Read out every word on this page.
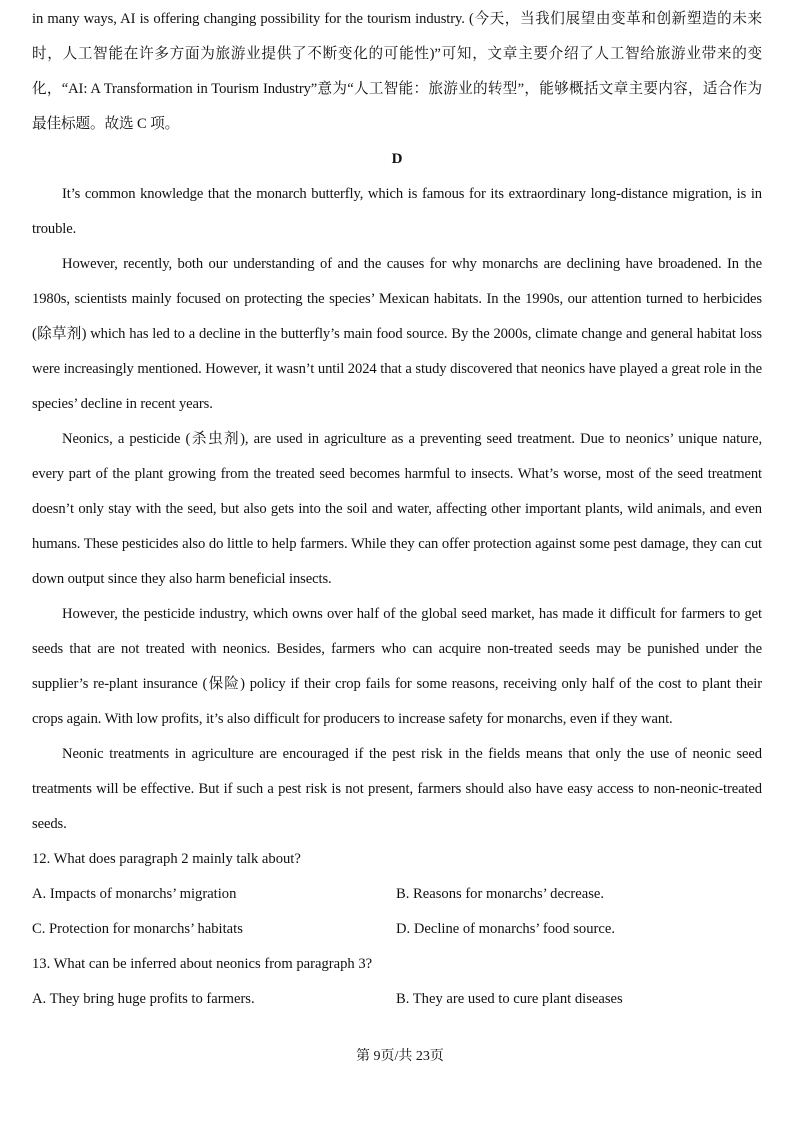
in many ways, AI is offering changing possibility for the tourism industry. (今天，当我们展望由变革和创新塑造的未来时，人工智能在许多方面为旅游业提供了不断变化的可能性)”可知，文章主要介绍了人工智给旅游业带来的变化，“AI: A Transformation in Tourism Industry”意为“人工智能：旅游业的转型”，能够概括文章主要内容，适合作为最佳标题。故选 C 项。

D

It’s common knowledge that the monarch butterfly, which is famous for its extraordinary long-distance migration, is in trouble.

However, recently, both our understanding of and the causes for why monarchs are declining have broadened. In the 1980s, scientists mainly focused on protecting the species’ Mexican habitats. In the 1990s, our attention turned to herbicides (除草剂) which has led to a decline in the butterfly’s main food source. By the 2000s, climate change and general habitat loss were increasingly mentioned. However, it wasn’t until 2024 that a study discovered that neonics have played a great role in the species’ decline in recent years.

Neonics, a pesticide (杀虫剂), are used in agriculture as a preventing seed treatment. Due to neonics’ unique nature, every part of the plant growing from the treated seed becomes harmful to insects. What’s worse, most of the seed treatment doesn’t only stay with the seed, but also gets into the soil and water, affecting other important plants, wild animals, and even humans. These pesticides also do little to help farmers. While they can offer protection against some pest damage, they can cut down output since they also harm beneficial insects.

However, the pesticide industry, which owns over half of the global seed market, has made it difficult for farmers to get seeds that are not treated with neonics. Besides, farmers who can acquire non-treated seeds may be punished under the supplier’s re-plant insurance (保险) policy if their crop fails for some reasons, receiving only half of the cost to plant their crops again. With low profits, it’s also difficult for producers to increase safety for monarchs, even if they want.

Neonic treatments in agriculture are encouraged if the pest risk in the fields means that only the use of neonic seed treatments will be effective. But if such a pest risk is not present, farmers should also have easy access to non-neonic-treated seeds.

12. What does paragraph 2 mainly talk about?

A. Impacts of monarchs’ migration	B. Reasons for monarchs’ decrease.
C. Protection for monarchs’ habitats	D. Decline of monarchs’ food source.

13. What can be inferred about neonics from paragraph 3?

A. They bring huge profits to farmers.	B. They are used to cure plant diseases
第 9页/共 23页
